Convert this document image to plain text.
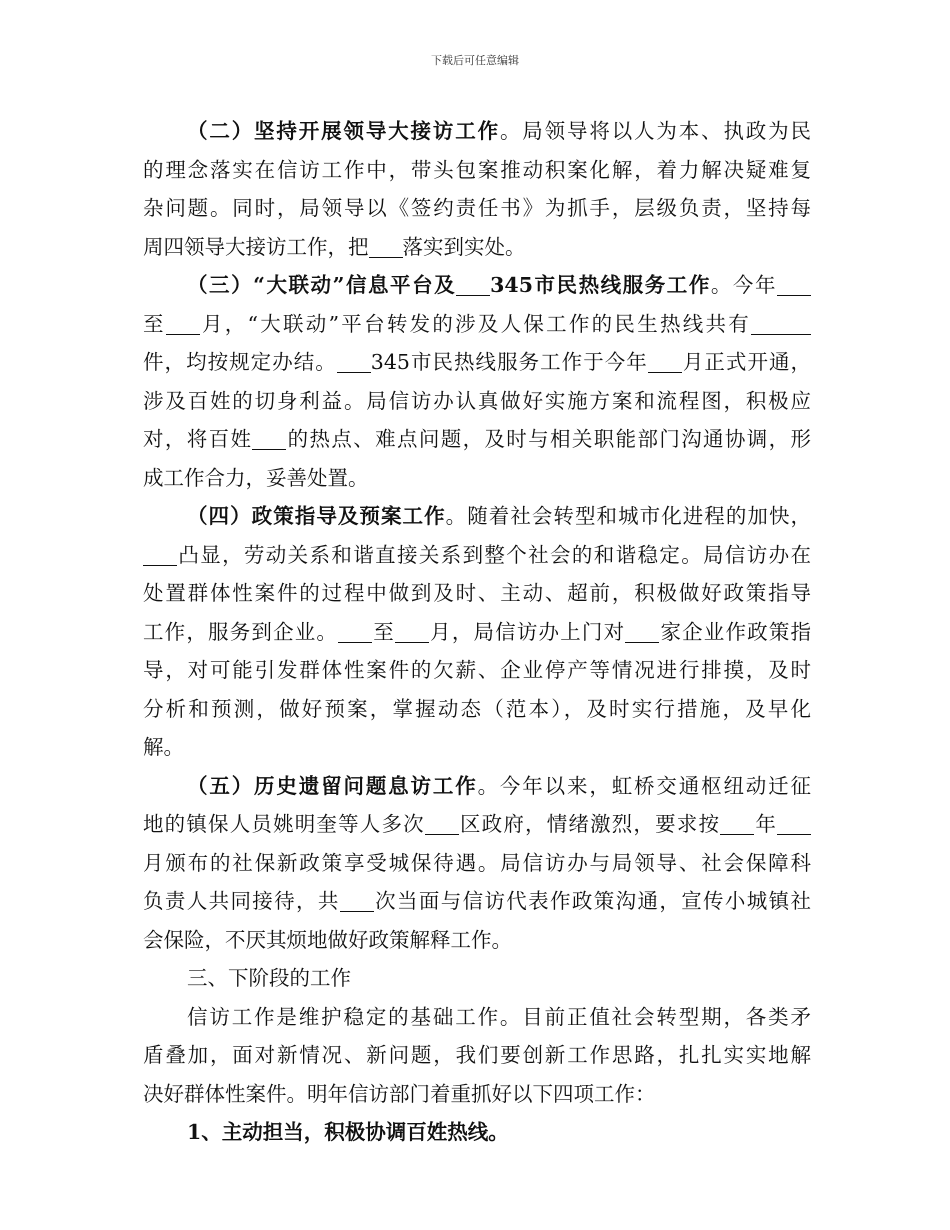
下载后可任意编辑
（二）坚持开展领导大接访工作。局领导将以人为本、执政为民
的理念落实在信访工作中，带头包案推动积案化解，着力解决疑难复
杂问题。同时，局领导以《签约责任书》为抓手，层级负责，坚持每
周四领导大接访工作，把 落实到实处。
（三）“大联动”信息平台及 345市民热线服务工作。今年
至 月，“大联动”平台转发的涉及人保工作的民生热线共有
件，均按规定办结。 345市民热线服务工作于今年 月正式开通，
涉及百姓的切身利益。局信访办认真做好实施方案和流程图，积极应
对，将百姓 的热点、难点问题，及时与相关职能部门沟通协调，形
成工作合力，妥善处置。
（四）政策指导及预案工作。随着社会转型和城市化进程的加快，
凸显，劳动关系和谐直接关系到整个社会的和谐稳定。局信访办在
处置群体性案件的过程中做到及时、主动、超前，积极做好政策指导
工作，服务到企业。 至 月，局信访办上门对 家企业作政策指
导，对可能引发群体性案件的欠薪、企业停产等情况进行排摸，及时
分析和预测，做好预案，掌握动态（范本），及时实行措施，及早化
解。
（五）历史遗留问题息访工作。今年以来，虹桥交通枢纽动迁征
地的镇保人员姚明奎等人多次 区政府，情绪激烈，要求按 年
月颁布的社保新政策享受城保待遇。局信访办与局领导、社会保障科
负责人共同接待，共 次当面与信访代表作政策沟通，宣传小城镇社
会保险，不厌其烦地做好政策解释工作。
三、下阶段的工作
信访工作是维护稳定的基础工作。目前正值社会转型期，各类矛
盾叠加，面对新情况、新问题，我们要创新工作思路，扎扎实实地解
决好群体性案件。明年信访部门着重抓好以下四项工作：
1、主动担当，积极协调百姓热线。
